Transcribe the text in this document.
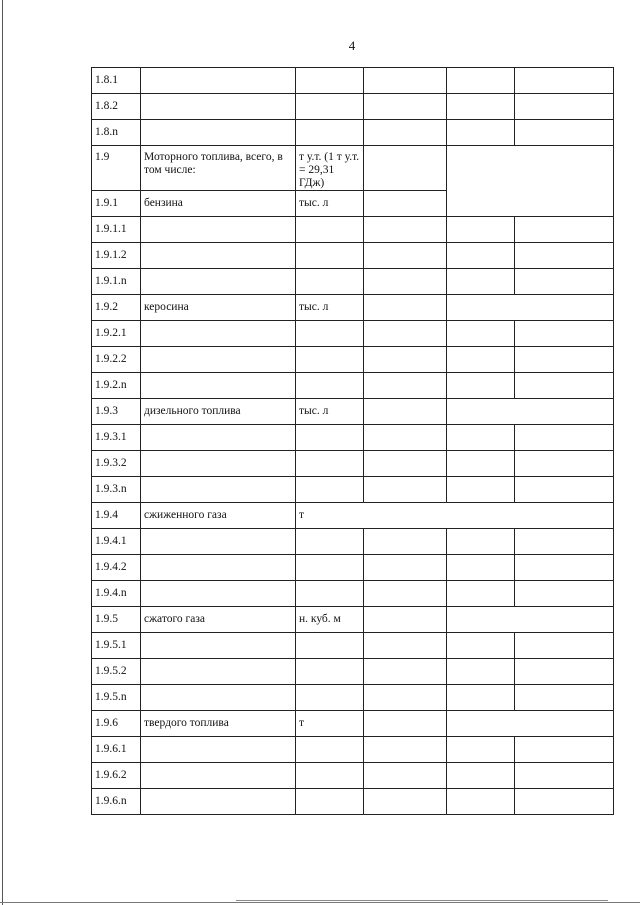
4
1.8.1					
1.8.2					
1.8.n					
1.9	Моторного топлива, всего, в том числе:	т у.т. (1 т у.т. = 29,31 ГДж)			
1.9.1	бензина	тыс. л			
1.9.1.1					
1.9.1.2					
1.9.1.n					
1.9.2	керосина	тыс. л			
1.9.2.1					
1.9.2.2					
1.9.2.n					
1.9.3	дизельного топлива	тыс. л			
1.9.3.1					
1.9.3.2					
1.9.3.n					
1.9.4	сжиженного газа	т			
1.9.4.1					
1.9.4.2					
1.9.4.n					
1.9.5	сжатого газа	н. куб. м			
1.9.5.1					
1.9.5.2					
1.9.5.n					
1.9.6	твердого топлива	т			
1.9.6.1					
1.9.6.2					
1.9.6.n					
